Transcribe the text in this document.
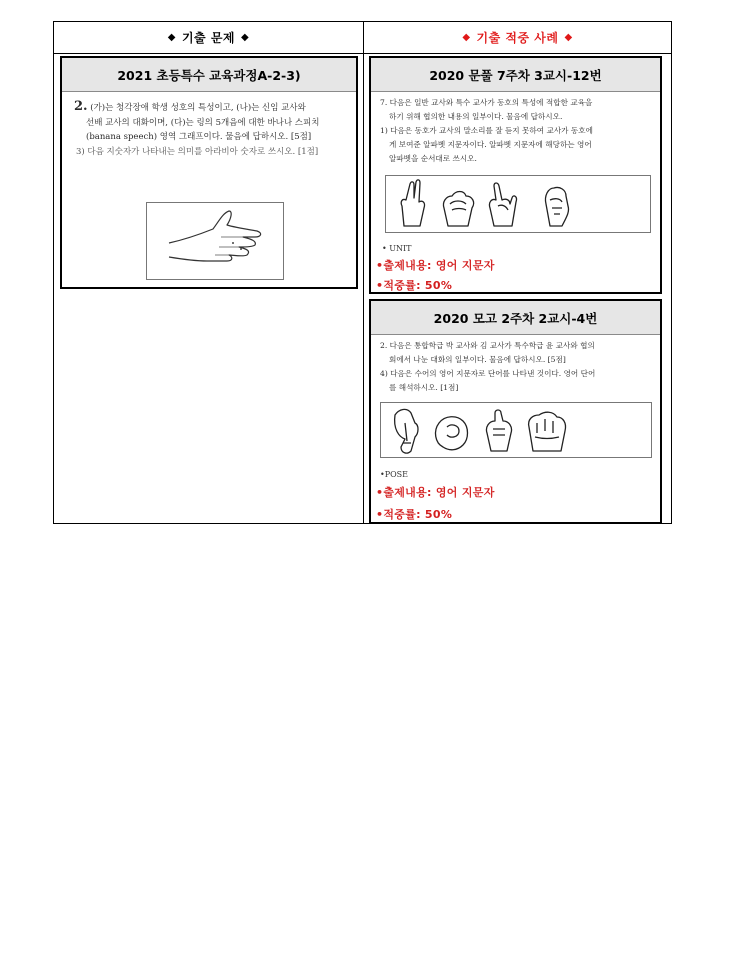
◆ 기출 문제 ◆	◆ 기출 적중 사례 ◆
2021 초등특수 교육과정A-2-3)
2. (가)는 청각장애 학생 성호의 특성이고, (나)는 신임 교사와
선배 교사의 대화이며, (다)는 링의 5개음에 대한 바나나 스피치
(banana speech) 영역 그래프이다. 물음에 답하시오. [5점]
3) 다음 지숫자가 나타내는 의미를 아라비아 숫자로 쓰시오. [1점]
2020 문풀 7주차 3교시-12번
7. 다음은 일반 교사와 특수 교사가 동호의 특성에 적합한 교육을
하기 위해 협의한 내용의 일부이다. 물음에 답하시오.
1) 다음은 동호가 교사의 말소리를 잘 듣지 못하여 교사가 동호에
게 보여준 알파벳 지문자이다. 알파벳 지문자에 해당하는 영어
알파벳을 순서대로 쓰시오.
• UNIT
•출제내용: 영어 지문자
•적중률: 50%
2020 모고 2주차 2교시-4번
2. 다음은 통합학급 박 교사와 김 교사가 특수학급 윤 교사와 협의
회에서 나눈 대화의 일부이다. 물음에 답하시오. [5점]
4) 다음은 수어의 영어 지문자로 단어를 나타낸 것이다. 영어 단어
를 해석하시오. [1점]
•POSE
•출제내용: 영어 지문자
•적중률: 50%
